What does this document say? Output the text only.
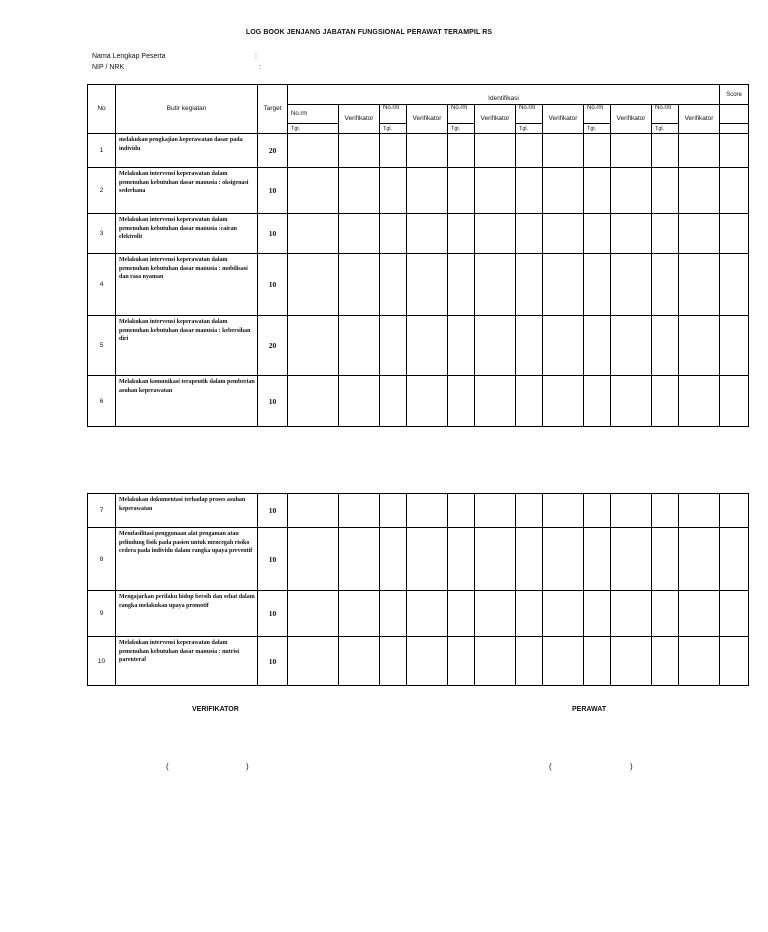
LOG BOOK JENJANG JABATAN FUNGSIONAL PERAWAT TERAMPIL RS
Nama Lengkap Peserta	:
NIP / NRK	:
No	Butir kegiatan	Target	Identifikasi												Score
			No.rm	Verifikator	No.rm	Verifikator	No.rm	Verifikator	No.rm	Verifikator	No.rm	Verifikator	No.rm	Verifikator	
			Tgl.		Tgl.		Tgl.		Tgl.		Tgl.		Tgl.		
1	melakukan pengkajian keperawatan dasar pada individu	20													
2	Melakukan intervensi keperawatan dalam pemenuhan kebutuhan dasar manusia : oksigenasi sederhana	10													
3	Melakukan intervensi keperawatan dalam pemenuhan kebutuhan dasar manusia :cairan elektrolit	10													
4	Melakukan intervensi keperawatan dalam pemenuhan kebutuhan dasar manusia : mobilisasi dan rasa nyaman	10													
5	Melakukan intervensi keperawatan dalam pemenuhan kebutuhan dasar manusia : kebersihan diri	20													
6	Melakukan komunikasi terapeutik dalam pemberian asuhan keperawatan	10													
7	Melakukan dokumentasi terhadap proses asuhan keperawatan	10													
8	Memfasilitasi penggunaan alat pengaman atau pelindung fisik pada pasien untuk mencegah risiko cedera pada individu dalam rangka upaya preventif	10													
9	Mengajarkan perilaku hidup bersih dan sehat dalam rangka melakukan upaya promotif	10													
10	Melakukan intervensi keperawatan dalam pemenuhan kebutuhan dasar manusia : nutrisi parenteral	10													
VERIFIKATOR	PERAWAT
(	)	(	)
